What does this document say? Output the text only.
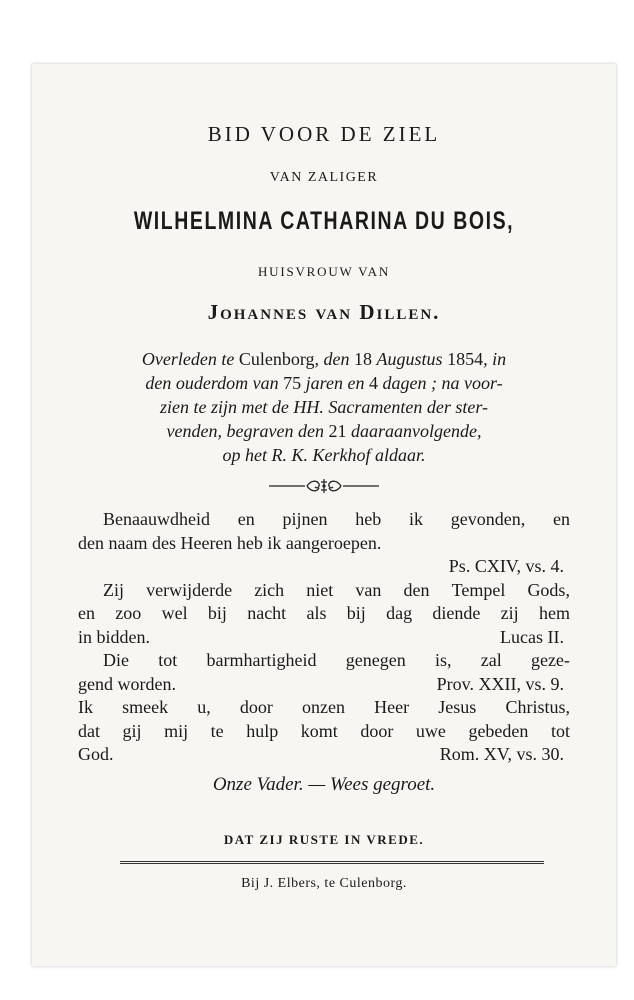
BID VOOR DE ZIEL
VAN ZALIGER
WILHELMINA CATHARINA DU BOIS,
HUISVROUW VAN
Johannes van Dillen.
Overleden te Culenborg, den 18 Augustus 1854, in
den ouderdom van 75 jaren en 4 dagen ; na voor-
zien te zijn met de HH. Sacramenten der ster-
venden, begraven den 21 daaraanvolgende,
op het R. K. Kerkhof aldaar.
Benaauwdheid en pijnen heb ik gevonden, en
den naam des Heeren heb ik aangeroepen.
Ps. CXIV, vs. 4.
Zij verwijderde zich niet van den Tempel Gods,
en zoo wel bij nacht als bij dag diende zij hem
in bidden.	Lucas II.
Die tot barmhartigheid genegen is, zal geze-
gend worden.	Prov. XXII, vs. 9.
Ik smeek u, door onzen Heer Jesus Christus,
dat gij mij te hulp komt door uwe gebeden tot
God.	Rom. XV, vs. 30.
Onze Vader. — Wees gegroet.
DAT ZIJ RUSTE IN VREDE.
Bij J. Elbers, te Culenborg.
